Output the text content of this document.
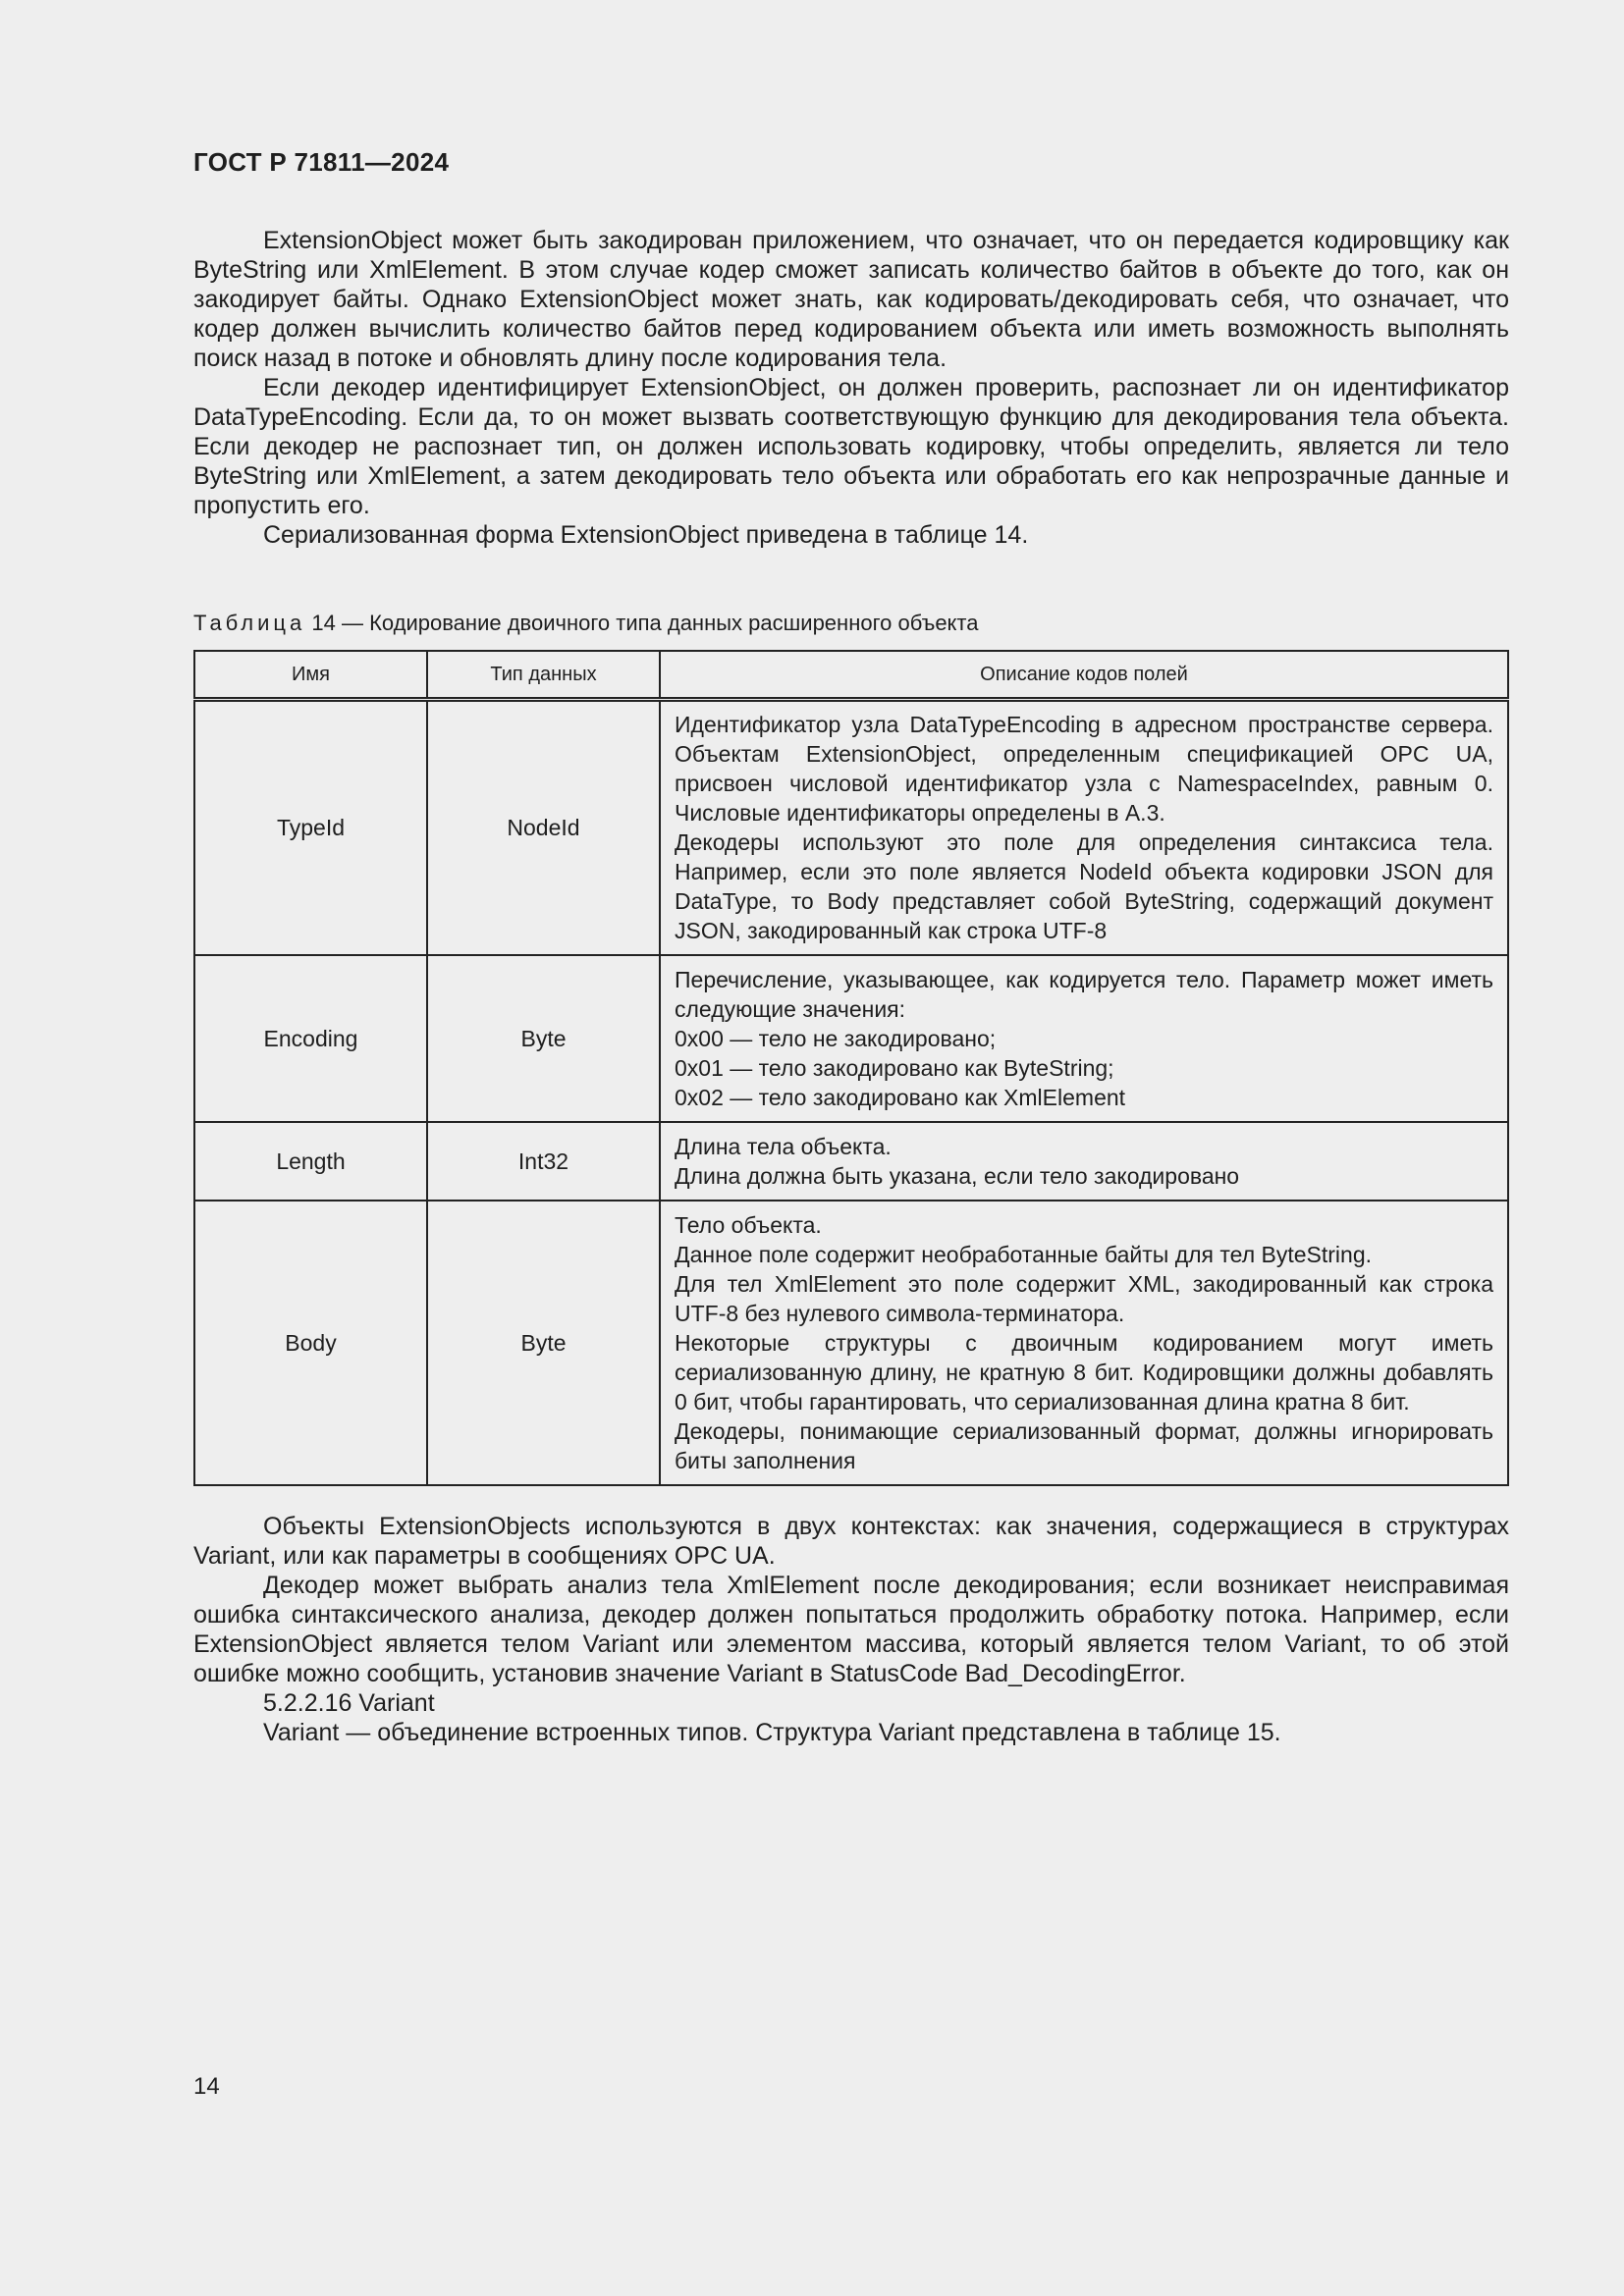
ГОСТ Р 71811—2024

ExtensionObject может быть закодирован приложением, что означает, что он передается кодировщику как ByteString или XmlElement. В этом случае кодер сможет записать количество байтов в объекте до того, как он закодирует байты. Однако ExtensionObject может знать, как кодировать/декодировать себя, что означает, что кодер должен вычислить количество байтов перед кодированием объекта или иметь возможность выполнять поиск назад в потоке и обновлять длину после кодирования тела.

Если декодер идентифицирует ExtensionObject, он должен проверить, распознает ли он идентификатор DataTypeEncoding. Если да, то он может вызвать соответствующую функцию для декодирования тела объекта. Если декодер не распознает тип, он должен использовать кодировку, чтобы определить, является ли тело ByteString или XmlElement, а затем декодировать тело объекта или обработать его как непрозрачные данные и пропустить его.

Сериализованная форма ExtensionObject приведена в таблице 14.

Таблица 14 — Кодирование двоичного типа данных расширенного объекта
Имя	Тип данных	Описание кодов полей
TypeId	NodeId	Идентификатор узла DataTypeEncoding в адресном пространстве сервера. Объектам ExtensionObject, определенным спецификацией OPC UA, присвоен числовой идентификатор узла с NamespaceIndex, равным 0. Числовые идентификаторы определены в А.3.
Декодеры используют это поле для определения синтаксиса тела. Например, если это поле является NodeId объекта кодировки JSON для DataType, то Body представляет собой ByteString, содержащий документ JSON, закодированный как строка UTF-8

Encoding	Byte	Перечисление, указывающее, как кодируется тело. Параметр может иметь следующие значения:
0x00 — тело не закодировано;
0x01 — тело закодировано как ByteString;
0x02 — тело закодировано как XmlElement

Length	Int32	Длина тела объекта.
Длина должна быть указана, если тело закодировано

Body	Byte	Тело объекта.
Данное поле содержит необработанные байты для тел ByteString.
Для тел XmlElement это поле содержит XML, закодированный как строка UTF-8 без нулевого символа-терминатора.
Некоторые структуры с двоичным кодированием могут иметь сериализованную длину, не кратную 8 бит. Кодировщики должны добавлять 0 бит, чтобы гарантировать, что сериализованная длина кратна 8 бит.
Декодеры, понимающие сериализованный формат, должны игнорировать биты заполнения

Объекты ExtensionObjects используются в двух контекстах: как значения, содержащиеся в структурах Variant, или как параметры в сообщениях OPC UA.

Декодер может выбрать анализ тела XmlElement после декодирования; если возникает неисправимая ошибка синтаксического анализа, декодер должен попытаться продолжить обработку потока. Например, если ExtensionObject является телом Variant или элементом массива, который является телом Variant, то об этой ошибке можно сообщить, установив значение Variant в StatusCode Bad_DecodingError.

5.2.2.16 Variant

Variant — объединение встроенных типов. Структура Variant представлена в таблице 15.

14
